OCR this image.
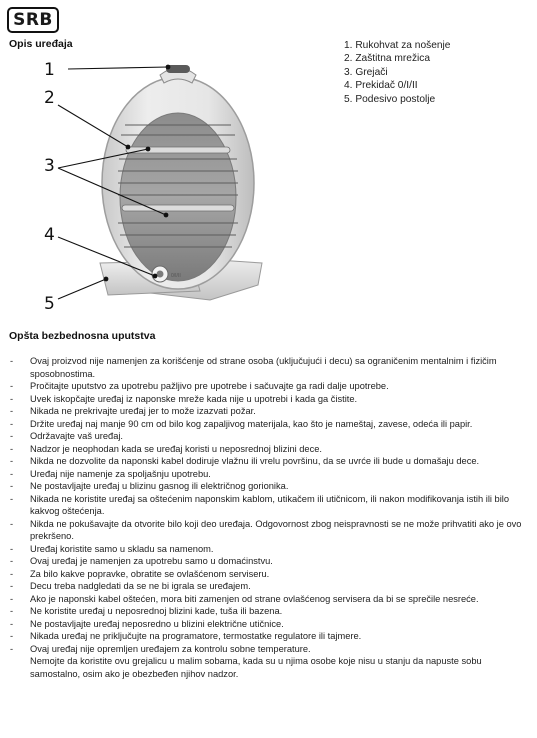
SRB
Opis uređaja
0/I/II
1
2
3
4
5
1. Rukohvat za nošenje
2. Zaštitna mrežica
3. Grejači
4. Prekidač 0/I/II
5. Podesivo postolje
Opšta bezbednosna uputstva
- Ovaj proizvod nije namenjen za korišćenje od strane osoba (uključujući i decu) sa ograničenim mentalnim i fizičim sposobnostima.
- Pročitajte uputstvo za upotrebu pažljivo pre upotrebe i sačuvajte ga radi dalje upotrebe.
- Uvek iskopčajte uređaj iz naponske mreže kada nije u upotrebi i kada ga čistite.
- Nikada ne prekrivajte uređaj jer to može izazvati požar.
- Držite uređaj naj manje 90 cm od bilo kog zapaljivog materijala, kao što je nameštaj, zavese, odeća ili papir.
- Održavajte vaš uređaj.
- Nadzor je neophodan kada se uređaj koristi u neposrednoj blizini dece.
- Nikda ne dozvolite da naponski kabel dodiruje vlažnu ili vrelu površinu, da se uvrće ili bude u domašaju dece.
- Uređaj nije namenje za spoljašnju upotrebu.
- Ne postavljajte uređaj u blizinu gasnog ili električnog gorionika.
- Nikada ne koristite uređaj sa oštećenim naponskim kablom, utikačem ili utičnicom, ili nakon modifikovanja istih ili bilo kakvog oštećenja.
- Nikda ne pokušavajte da otvorite bilo koji deo uređaja. Odgovornost zbog neispravnosti se ne može prihvatiti ako je ovo prekršeno.
- Uređaj koristite samo u skladu sa namenom.
- Ovaj uređaj je namenjen za upotrebu samo u domaćinstvu.
- Za bilo kakve popravke, obratite se ovlašćenom serviseru.
- Decu treba nadgledati da se ne bi igrala se uređajem.
- Ako je naponski kabel oštećen, mora biti zamenjen od strane ovlašćenog servisera da bi se sprečile nesreće.
- Ne koristite uređaj u neposrednoj blizini kade, tuša ili bazena.
- Ne postavljajte uređaj neposredno u blizini električne utičnice.
- Nikada uređaj ne priključujte na programatore, termostatke regulatore ili tajmere.
- Ovaj uređaj nije opremljen uređajem za kontrolu sobne temperature.
Nemojte da koristite ovu grejalicu u malim sobama, kada su u njima osobe koje nisu u stanju da napuste sobu samostalno, osim ako je obezbeđen njihov nadzor.
